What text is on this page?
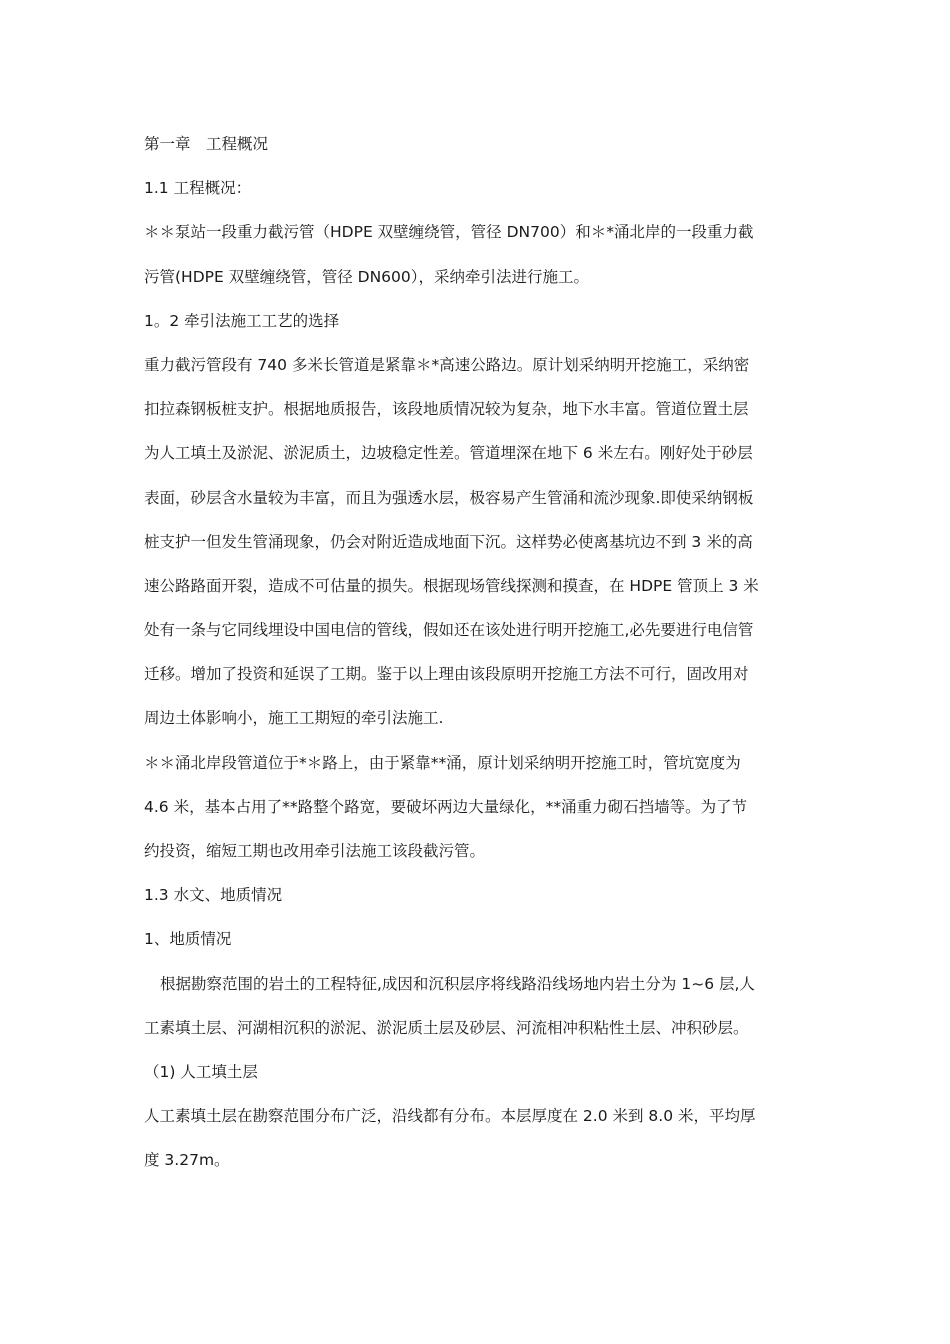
第一章　工程概况
1.1 工程概况：
＊＊泵站一段重力截污管（HDPE 双壁缠绕管，管径 DN700）和＊*涌北岸的一段重力截
污管(HDPE 双壁缠绕管，管径 DN600），采纳牵引法进行施工。
1。2 牵引法施工工艺的选择
重力截污管段有 740 多米长管道是紧靠＊*高速公路边。原计划采纳明开挖施工，采纳密
扣拉森钢板桩支护。根据地质报告，该段地质情况较为复杂，地下水丰富。管道位置土层
为人工填土及淤泥、淤泥质土，边坡稳定性差。管道埋深在地下 6 米左右。刚好处于砂层
表面，砂层含水量较为丰富，而且为强透水层，极容易产生管涌和流沙现象.即使采纳钢板
桩支护一但发生管涌现象，仍会对附近造成地面下沉。这样势必使离基坑边不到 3 米的高
速公路路面开裂，造成不可估量的损失。根据现场管线探测和摸查，在 HDPE 管顶上 3 米
处有一条与它同线埋设中国电信的管线，假如还在该处进行明开挖施工,必先要进行电信管
迁移。增加了投资和延误了工期。鉴于以上理由该段原明开挖施工方法不可行，固改用对
周边土体影响小，施工工期短的牵引法施工.
＊＊涌北岸段管道位于*＊路上，由于紧靠**涌，原计划采纳明开挖施工时，管坑宽度为
4.6 米，基本占用了**路整个路宽，要破坏两边大量绿化，**涌重力砌石挡墙等。为了节
约投资，缩短工期也改用牵引法施工该段截污管。
1.3 水文、地质情况
1、地质情况
根据勘察范围的岩土的工程特征,成因和沉积层序将线路沿线场地内岩土分为 1~6 层,人
工素填土层、河湖相沉积的淤泥、淤泥质土层及砂层、河流相冲积粘性土层、冲积砂层。
（1) 人工填土层
人工素填土层在勘察范围分布广泛，沿线都有分布。本层厚度在 2.0 米到 8.0 米，平均厚
度 3.27m。
